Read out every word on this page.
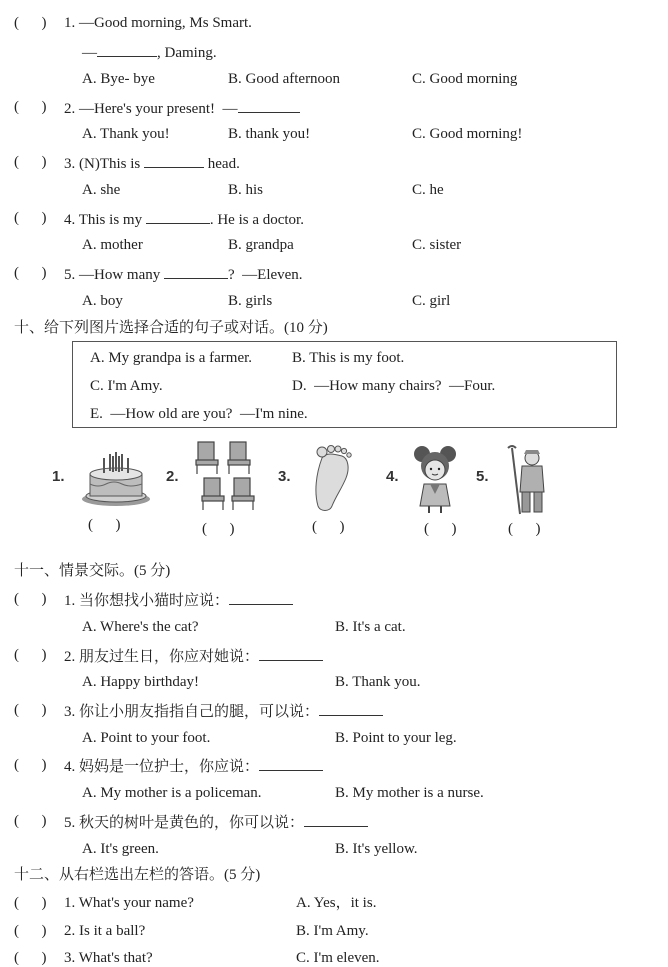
(      ) 1. —Good morning, Ms Smart.
—	, Daming.
A. Bye- bye	B. Good afternoon	C. Good morning
(      ) 2. —Here's your present!  —
A. Thank you!	B. thank you!	C. Good morning!
(      ) 3. (N)This is	head.
A. she	B. his	C. he
(      ) 4. This is my	. He is a doctor.
A. mother	B. grandpa	C. sister
(      ) 5. —How many	?  —Eleven.
A. boy	B. girls	C. girl
十、给下列图片选择合适的句子或对话。(10 分)
A. My grandpa is a farmer.	B. This is my foot.
C. I'm Amy.	D.  —How many chairs?  —Four.
E.  —How old are you?  —I'm nine.
1.
(      )
2.
(      )
3.
(      )
4.
(      )
5.
(      )
十一、情景交际。(5 分)
(      ) 1. 当你想找小猫时应说：
A. Where's the cat?	B. It's a cat.
(      ) 2. 朋友过生日，你应对她说：
A. Happy birthday!	B. Thank you.
(      ) 3. 你让小朋友指指自己的腿，可以说：
A. Point to your foot.	B. Point to your leg.
(      ) 4. 妈妈是一位护士，你应说：
A. My mother is a policeman.	B. My mother is a nurse.
(      ) 5. 秋天的树叶是黄色的，你可以说：
A. It's green.	B. It's yellow.
十二、从右栏选出左栏的答语。(5 分)
(      ) 1. What's your name?	A. Yes，it is.
(      ) 2. Is it a ball?	B. I'm Amy.
(      ) 3. What's that?	C. I'm eleven.
